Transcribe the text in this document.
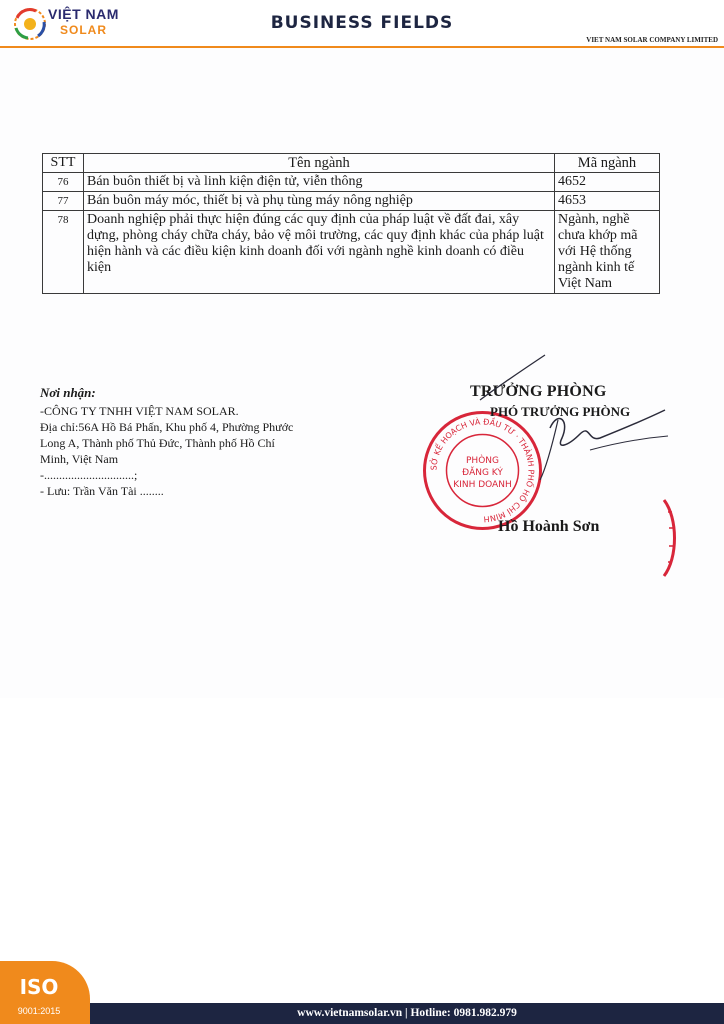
VIỆT NAM
SOLAR	BUSINESS FIELDS
VIET NAM SOLAR COMPANY LIMITED
STT	Tên ngành	Mã ngành
76	Bán buôn thiết bị và linh kiện điện tử, viễn thông	4652
77	Bán buôn máy móc, thiết bị và phụ tùng máy nông nghiệp	4653
78	Doanh nghiệp phải thực hiện đúng các quy định của pháp luật về đất đai, xây dựng, phòng cháy chữa cháy, bảo vệ môi trường, các quy định khác của pháp luật hiện hành và các điều kiện kinh doanh đối với ngành nghề kinh doanh có điều kiện	Ngành, nghề chưa khớp mã với Hệ thống ngành kinh tế Việt Nam
Nơi nhận:
-CÔNG TY TNHH VIỆT NAM SOLAR.
Địa chỉ:56A Hồ Bá Phấn, Khu phố 4, Phường Phước Long A, Thành phố Thủ Đức, Thành phố Hồ Chí Minh, Việt Nam
-..............................;
- Lưu: Trần Văn Tài ........
SỞ KẾ HOẠCH VÀ ĐẦU TƯ · THÀNH PHỐ HỒ CHÍ MINH
PHÒNG
ĐĂNG KÝ
KINH DOANH
TRƯỞNG PHÒNG
PHÓ TRƯỞNG PHÒNG
Hồ Hoành Sơn
ISO
9001:2015	www.vietnamsolar.vn | Hotline: 0981.982.979
